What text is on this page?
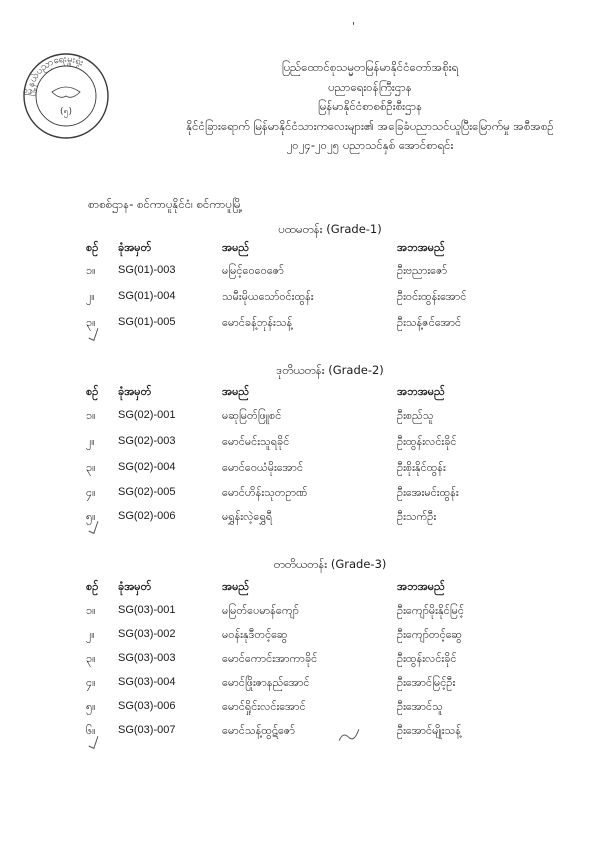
'
မြို့နယ်ပညာရေးမှူးရုံး
(၅)
ပြည်ထောင်စုသမ္မတမြန်မာနိုင်ငံတော်အစိုးရ
ပညာရေးဝန်ကြီးဌာန
မြန်မာနိုင်ငံစာစစ်ဦးစီးဌာန
နိုင်ငံခြားရောက် မြန်မာနိုင်ငံသားကလေးများ၏ အခြေခံပညာသင်ယူပြီးမြောက်မှု အစီအစဉ်
၂၀၂၄-၂၀၂၅ ပညာသင်နှစ် အောင်စာရင်း
စာစစ်ဌာန- စင်ကာပူနိုင်ငံ၊ စင်ကာပူမြို့
ပထမတန်း (Grade-1)
စဉ် ခုံအမှတ်	အမည်	အဘအမည်
၁။ SG(01)-003	မမြင့်ဝေဝေဇော်	ဦးဗညားဇော်
၂။ SG(01)-004	သမီးမိုယသော်ဝင်းထွန်း	ဦးဝင်းထွန်းအောင်
၃။ SG(01)-005	မောင်ခန့်ဘုန်းသန့်	ဦးသန့်ဇင်အောင်
ဒုတိယတန်း (Grade-2)
စဉ် ခုံအမှတ်	အမည်	အဘအမည်
၁။ SG(02)-001	မဆုမြတ်ဖြူစင်	ဦးစည်သူ
၂။ SG(02)-003	မောင်မင်းသူရခိုင်	ဦးထွန်းလင်းခိုင်
၃။ SG(02)-004	မောင်ဝေယံမိုးအောင်	ဦးစိုးနိုင်ထွန်း
၄။ SG(02)-005	မောင်ဟိန်းသုတဥာဏ်	ဦးအေးမင်းထွန်း
၅။ SG(02)-006	မရွှန်းလဲ့ရွှေရီ	ဦးသက်ဦး
တတိယတန်း (Grade-3)
စဉ် ခုံအမှတ်	အမည်	အဘအမည်
၁။ SG(03)-001	မမြတ်ပေမာန်ကျော်	ဦးကျော်မိုးနိုင်မြင့်
၂။ SG(03)-002	မဝန်းနုဒီတင့်ဆွေ	ဦးကျော်တင့်ဆွေ
၃။ SG(03)-003	မောင်ကောင်းအာကာခိုင်	ဦးထွန်းလင်းခိုင်
၄။ SG(03)-004	မောင်ဖြိုးဇာနည်အောင်	ဦးအောင်မြင့်ဦး
၅။ SG(03)-006	မောင်ရှိုင်းလင်းအောင်	ဦးအောင်သူ
၆။ SG(03)-007	မောင်သန့်ထွဋ်ဇော်	ဦးအောင်မျိုးသန့်
